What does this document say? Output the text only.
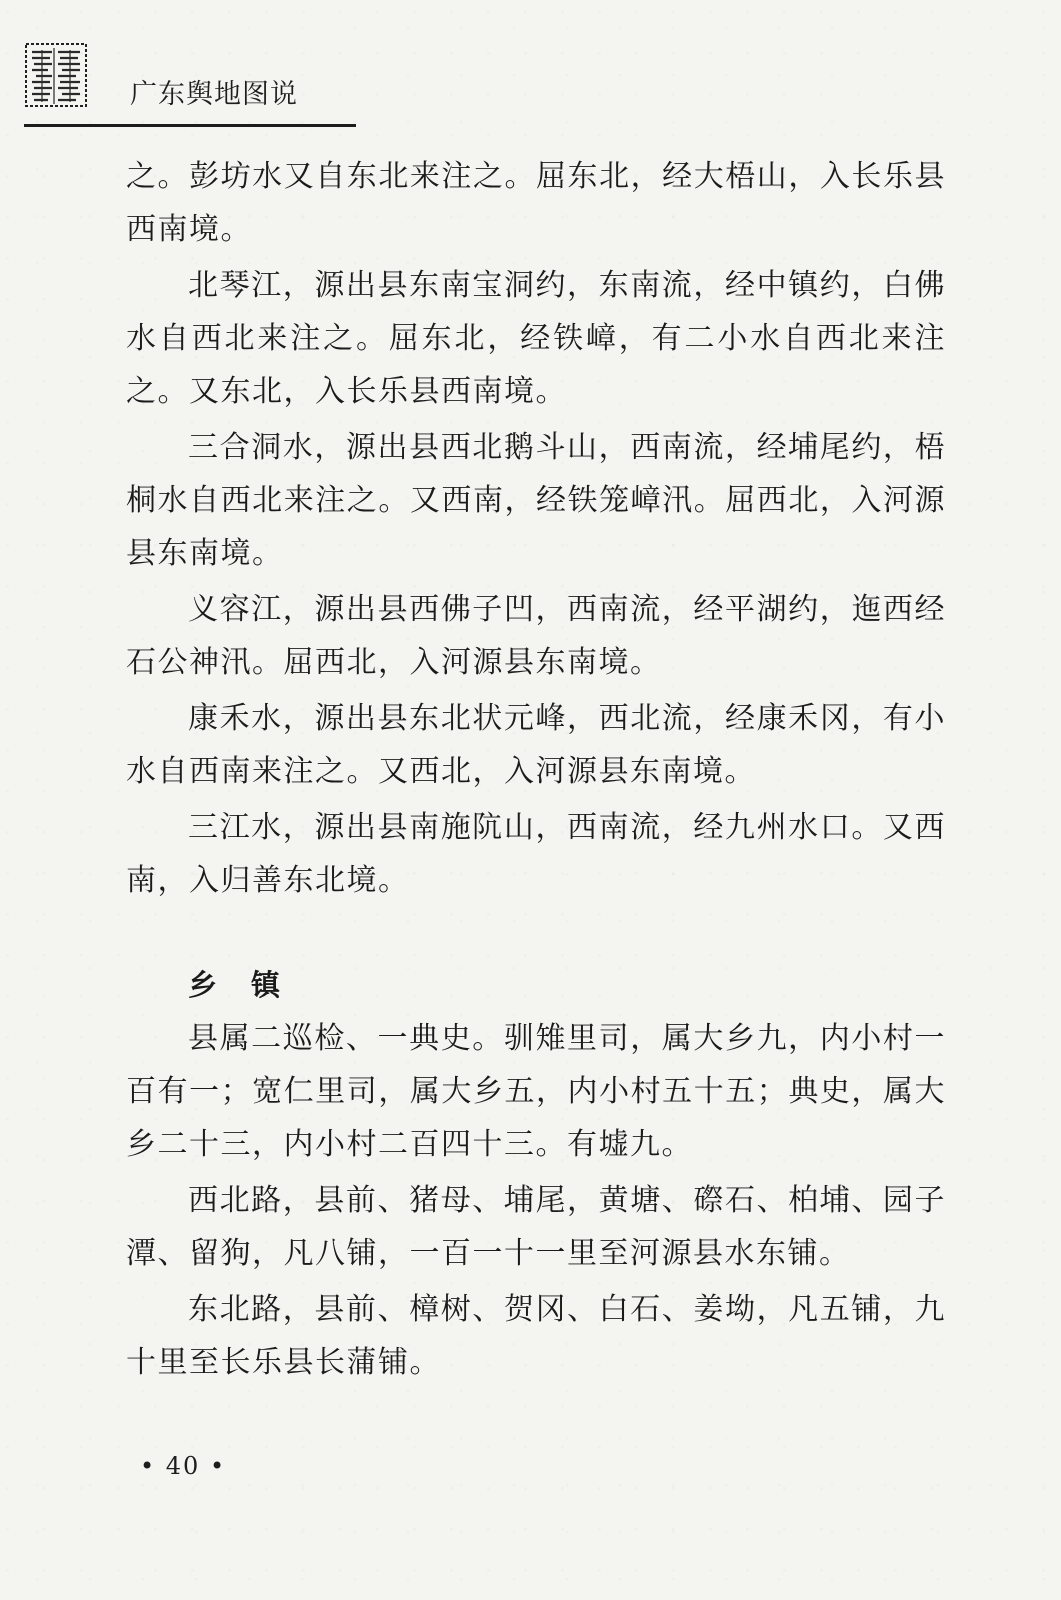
广东舆地图说

之。彭坊水又自东北来注之。屈东北，经大梧山，入长乐县西南境。

北琴江，源出县东南宝洞约，东南流，经中镇约，白佛水自西北来注之。屈东北，经铁嶂，有二小水自西北来注之。又东北，入长乐县西南境。

三合洞水，源出县西北鹅斗山，西南流，经埔尾约，梧桐水自西北来注之。又西南，经铁笼嶂汛。屈西北，入河源县东南境。

义容江，源出县西佛子凹，西南流，经平湖约，迤西经石公神汛。屈西北，入河源县东南境。

康禾水，源出县东北状元峰，西北流，经康禾冈，有小水自西南来注之。又西北，入河源县东南境。

三江水，源出县南施阬山，西南流，经九州水口。又西南，入归善东北境。

乡镇

县属二巡检、一典史。驯雉里司，属大乡九，内小村一百有一；宽仁里司，属大乡五，内小村五十五；典史，属大乡二十三，内小村二百四十三。有墟九。

西北路，县前、猪母、埔尾，黄塘、磜石、柏埔、园子潭、留狗，凡八铺，一百一十一里至河源县水东铺。

东北路，县前、樟树、贺冈、白石、姜坳，凡五铺，九十里至长乐县长蒲铺。

• 40 •
